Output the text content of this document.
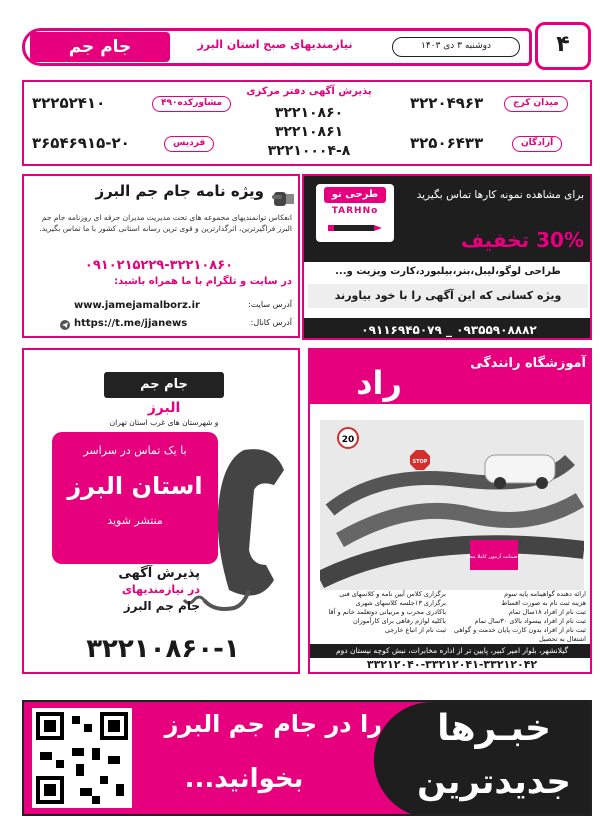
جام جم	نیازمندیهای صبح استان البرز	دوشنبه ۳ دی ۱۴۰۳	۴
پذیرش آگهی دفتر مرکزی
۳۲۲۱۰۸۶۰
۳۲۲۱۰۸۶۱
۳۲۲۱۰۰۰۴-۸
میدان کرج
۳۲۲۰۴۹۶۳
آزادگان
۳۲۵۰۶۴۳۳
مشاورکده۴۹۰
۳۲۲۵۲۴۱۰
فردیس
۳۶۵۴۶۹۱۵-۲۰
ویژه نامه جام جم البرز
انعکاس توانمندیهای مجموعه های تحت مدیریت مدیران حرفه ای روزنامه جام جم البرز فراگیرترین، اثرگذارترین و قوی ترین رسانه استانی کشور با ما تماس بگیرید.
۰۹۱۰۲۱۵۲۲۹-۳۲۲۱۰۸۶۰
در سایت و تلگرام با ما همراه باشید:
www.jamejamalborz.ir	آدرس سایت:
https://t.me/jjanews	آدرس کانال:
طرحی نو
TARHNo
برای مشاهده نمونه کارها تماس بگیرید
30% تخفیف
طراحی لوگو،لیبل،بنر،بیلبورد،کارت ویزیت و...
ویژه کسانی که این آگهی را با خود بیاورند
۰۹۱۱۶۹۴۵۰۷۹ _ ۰۹۳۵۵۹۰۸۸۸۲
جام جم
البرز
و شهرستان های غرب استان تهران
با یک تماس در سراسر
استان البرز
منتشر شوید
پذیرش آگهی
در نیازمندیهای
جام جم البرز
۳۲۲۱۰۸۶۰-۱
آموزشگاه رانندگی
راد
STOP
20
با ضمانت آزمون کاملا مجاز
ارائه دهنده گواهینامه پایه سوم
هزینه ثبت نام به صورت اقساط
ثبت نام از افراد ۱۸سال تمام
ثبت نام از افراد بیسواد بالای ۳۰سال تمام
ثبت نام از افراد بدون کارت پایان خدمت و گواهی اشتغال به تحصیل
برگزاری کلاس آیین نامه و کلاسهای فنی
برگزاری ۱۳جلسه کلاسهای شهری
باکادری مجرب و مربیانی دوتعلمد خانم و آقا
باکلیه لوازم رفاهی برای کارآموزان
ثبت نام از اتباع خارجی
گیلانشهر، بلوار امیر کبیر، پایین تر از اداره مخابرات، نبش کوچه نیستان دوم
۳۳۲۱۲۰۴۰-۳۳۲۱۲۰۴۱-۳۳۲۱۲۰۴۲
را در جام جم البرز
بخوانید...
خبـرها
جدیدترین
